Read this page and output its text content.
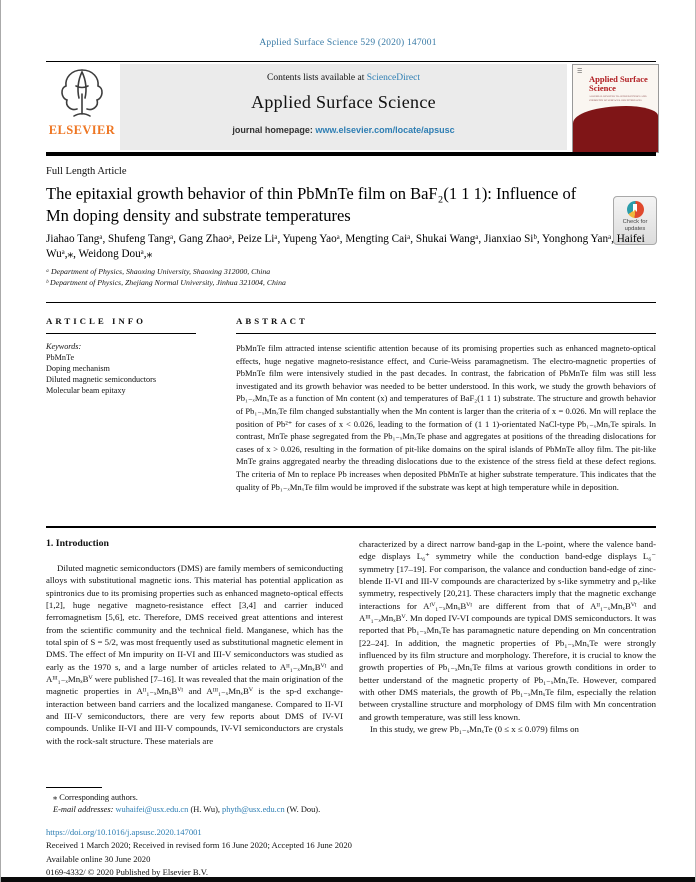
Applied Surface Science 529 (2020) 147001
ELSEVIER
Contents lists available at ScienceDirect
Applied Surface Science
journal homepage: www.elsevier.com/locate/apsusc
☰
Applied Surface Science
A JOURNAL DEVOTED TO APPLIED PHYSICS AND CHEMISTRY OF SURFACES AND INTERFACES
Full Length Article
The epitaxial growth behavior of thin PbMnTe film on BaF₂(1 1 1): Influence of Mn doping density and substrate temperatures	Check for updates
Jiahao Tangᵃ, Shufeng Tangᵃ, Gang Zhaoᵃ, Peize Liᵃ, Yupeng Yaoᵃ, Mengting Caiᵃ, Shukai Wangᵃ, Jianxiao Siᵇ, Yonghong Yanᵃ, Haifei Wuᵃ,⁎, Weidong Douᵃ,⁎
ᵃ Department of Physics, Shaoxing University, Shaoxing 312000, China
ᵇ Department of Physics, Zhejiang Normal University, Jinhua 321004, China

ARTICLE INFO

Keywords:

PbMnTe

Doping mechanism

Diluted magnetic semiconductors

Molecular beam epitaxy

ABSTRACT

PbMnTe film attracted intense scientific attention because of its promising properties such as enhanced magneto-optical effects, huge negative magneto-resistance effect, and Curie-Weiss paramagnetism. The electro-magnetic properties of PbMnTe film were intensively studied in the past decades. In contrast, the fabrication of PbMnTe film was still less investigated and its growth behavior was needed to be better understood. In this work, we study the growth behaviors of Pb₁₋ₓMnₓTe as a function of Mn content (x) and temperatures of BaF₂(1 1 1) substrate. The structure and growth behavior of Pb₁₋ₓMnₓTe film changed substantially when the Mn content is larger than the criteria of x = 0.026. Mn will replace the position of Pb²⁺ for cases of x < 0.026, leading to the formation of (1 1 1)-orientated NaCl-type Pb₁₋ₓMnₓTe spirals. In contrast, MnTe phase segregated from the Pb₁₋ₓMnₓTe phase and aggregates at positions of the threading dislocations for cases of x > 0.026, resulting in the formation of pit-like domains on the spiral islands of PbMnTe alloy film. The pit-like MnTe grains aggregated nearby the threading dislocations due to the existence of the stress field at these defect regions. The criteria of Mn to replace Pb increases when deposited PbMnTe at higher substrate temperature. This indicates that the quality of Pb₁₋ₓMnₓTe film would be improved if the substrate was kept at high temperature while in deposition.

1. Introduction

Diluted magnetic semiconductors (DMS) are family members of semiconducting alloys with substitutional magnetic ions. This material has potential application as spintronics due to its promising properties such as enhanced magneto-optical effects [1,2], huge negative magneto-resistance effect [3,4] and carrier induced ferromagnetism [5,6], etc. Therefore, DMS received great attentions and interest from the scientific community and the technical field. Manganese, which has the total spin of S = 5/2, was most frequently used as substitutional magnetic element in DMS. The effect of Mn impurity on II-VI and III-V semiconductors was studied as early as the 1970 s, and a large number of articles related to Aᴵᴵ₁₋ₓMnₓBⱽᴵ and Aᴵᴵᴵ₁₋ₓMnₓBⱽ were published [7–16]. It was revealed that the main origination of the magnetic properties in Aᴵᴵ₁₋ₓMnₓBⱽᴵ and Aᴵᴵᴵ₁₋ₓMnₓBⱽ is the sp-d exchange-interaction between band carriers and the localized manganese. Compared to II-VI and III-V semiconductors, there are very few reports about DMS of IV-VI compounds. Unlike II-VI and III-V compounds, IV-VI semiconductors are crystals with the rock-salt structure. These materials are

characterized by a direct narrow band-gap in the L-point, where the valence band-edge displays L₆⁺ symmetry while the conduction band-edge displays L₆⁻ symmetry [17–19]. For comparison, the valance and conduction band-edge of zinc-blende II-VI and III-V compounds are characterized by s-like symmetry and pₓ-like symmetry, respectively [20,21]. These characters imply that the magnetic exchange interactions for Aᴵⱽ₁₋ₓMnₓBⱽᴵ are different from that of Aᴵᴵ₁₋ₓMnₓBⱽᴵ and Aᴵᴵᴵ₁₋ₓMnₓBⱽ. Mn doped IV-VI compounds are typical DMS semiconductors. It was reported that Pb₁₋ₓMnₓTe has paramagnetic nature depending on Mn concentration [22–24]. In addition, the magnetic properties of Pb₁₋ₓMnₓTe were strongly influenced by its film structure and morphology. Therefore, it is crucial to know the growth properties of Pb₁₋ₓMnₓTe films at various growth conditions in order to better understand of the magnetic property of Pb₁₋ₓMnₓTe. However, compared with other DMS materials, the growth of Pb₁₋ₓMnₓTe film, especially the relation between crystalline structure and morphology of DMS film with Mn concentration and growth temperature, was still less known.

In this study, we grew Pb₁₋ₓMnₓTe (0 ≤ x ≤ 0.079) films on

⁎ Corresponding authors.
E-mail addresses: wuhaifei@usx.edu.cn (H. Wu), phyth@usx.edu.cn (W. Dou).
https://doi.org/10.1016/j.apsusc.2020.147001
Received 1 March 2020; Received in revised form 16 June 2020; Accepted 16 June 2020
Available online 30 June 2020
0169-4332/ © 2020 Published by Elsevier B.V.
